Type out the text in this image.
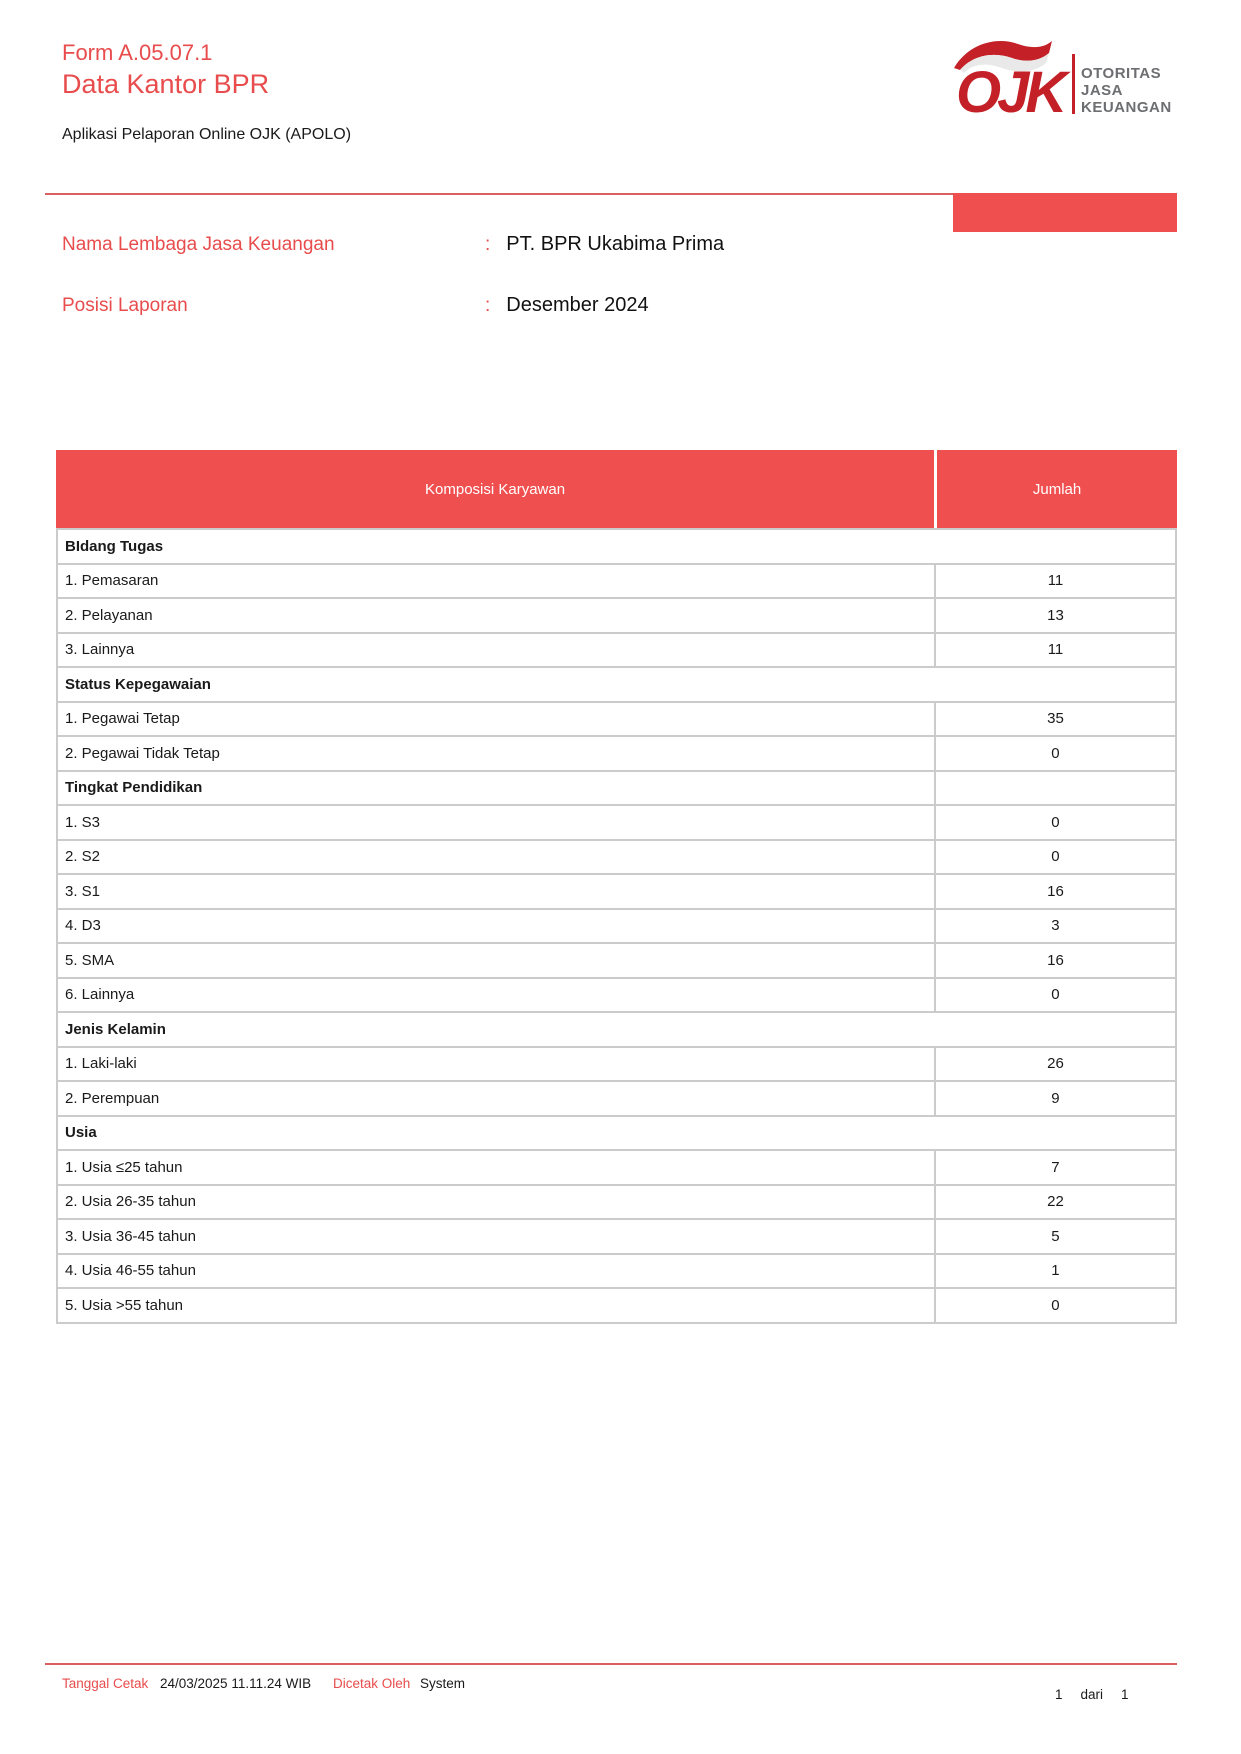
Form A.05.07.1
Data Kantor BPR
Aplikasi Pelaporan Online OJK (APOLO)
OJK	OTORITAS
JASA
KEUANGAN
Nama Lembaga Jasa Keuangan	: PT. BPR Ukabima Prima
Posisi Laporan	: Desember 2024
Komposisi Karyawan	Jumlah
BIdang Tugas
1. Pemasaran	11
2. Pelayanan	13
3. Lainnya	11
Status Kepegawaian
1. Pegawai Tetap	35
2. Pegawai Tidak Tetap	0
Tingkat Pendidikan
1. S3	0
2. S2	0
3. S1	16
4. D3	3
5. SMA	16
6. Lainnya	0
Jenis Kelamin
1. Laki-laki	26
2. Perempuan	9
Usia
1. Usia ≤25 tahun	7
2. Usia 26-35 tahun	22
3. Usia 36-45 tahun	5
4. Usia 46-55 tahun	1
5. Usia >55 tahun	0
Tanggal Cetak 24/03/2025 11.11.24 WIB	Dicetak Oleh System
1 dari 1
